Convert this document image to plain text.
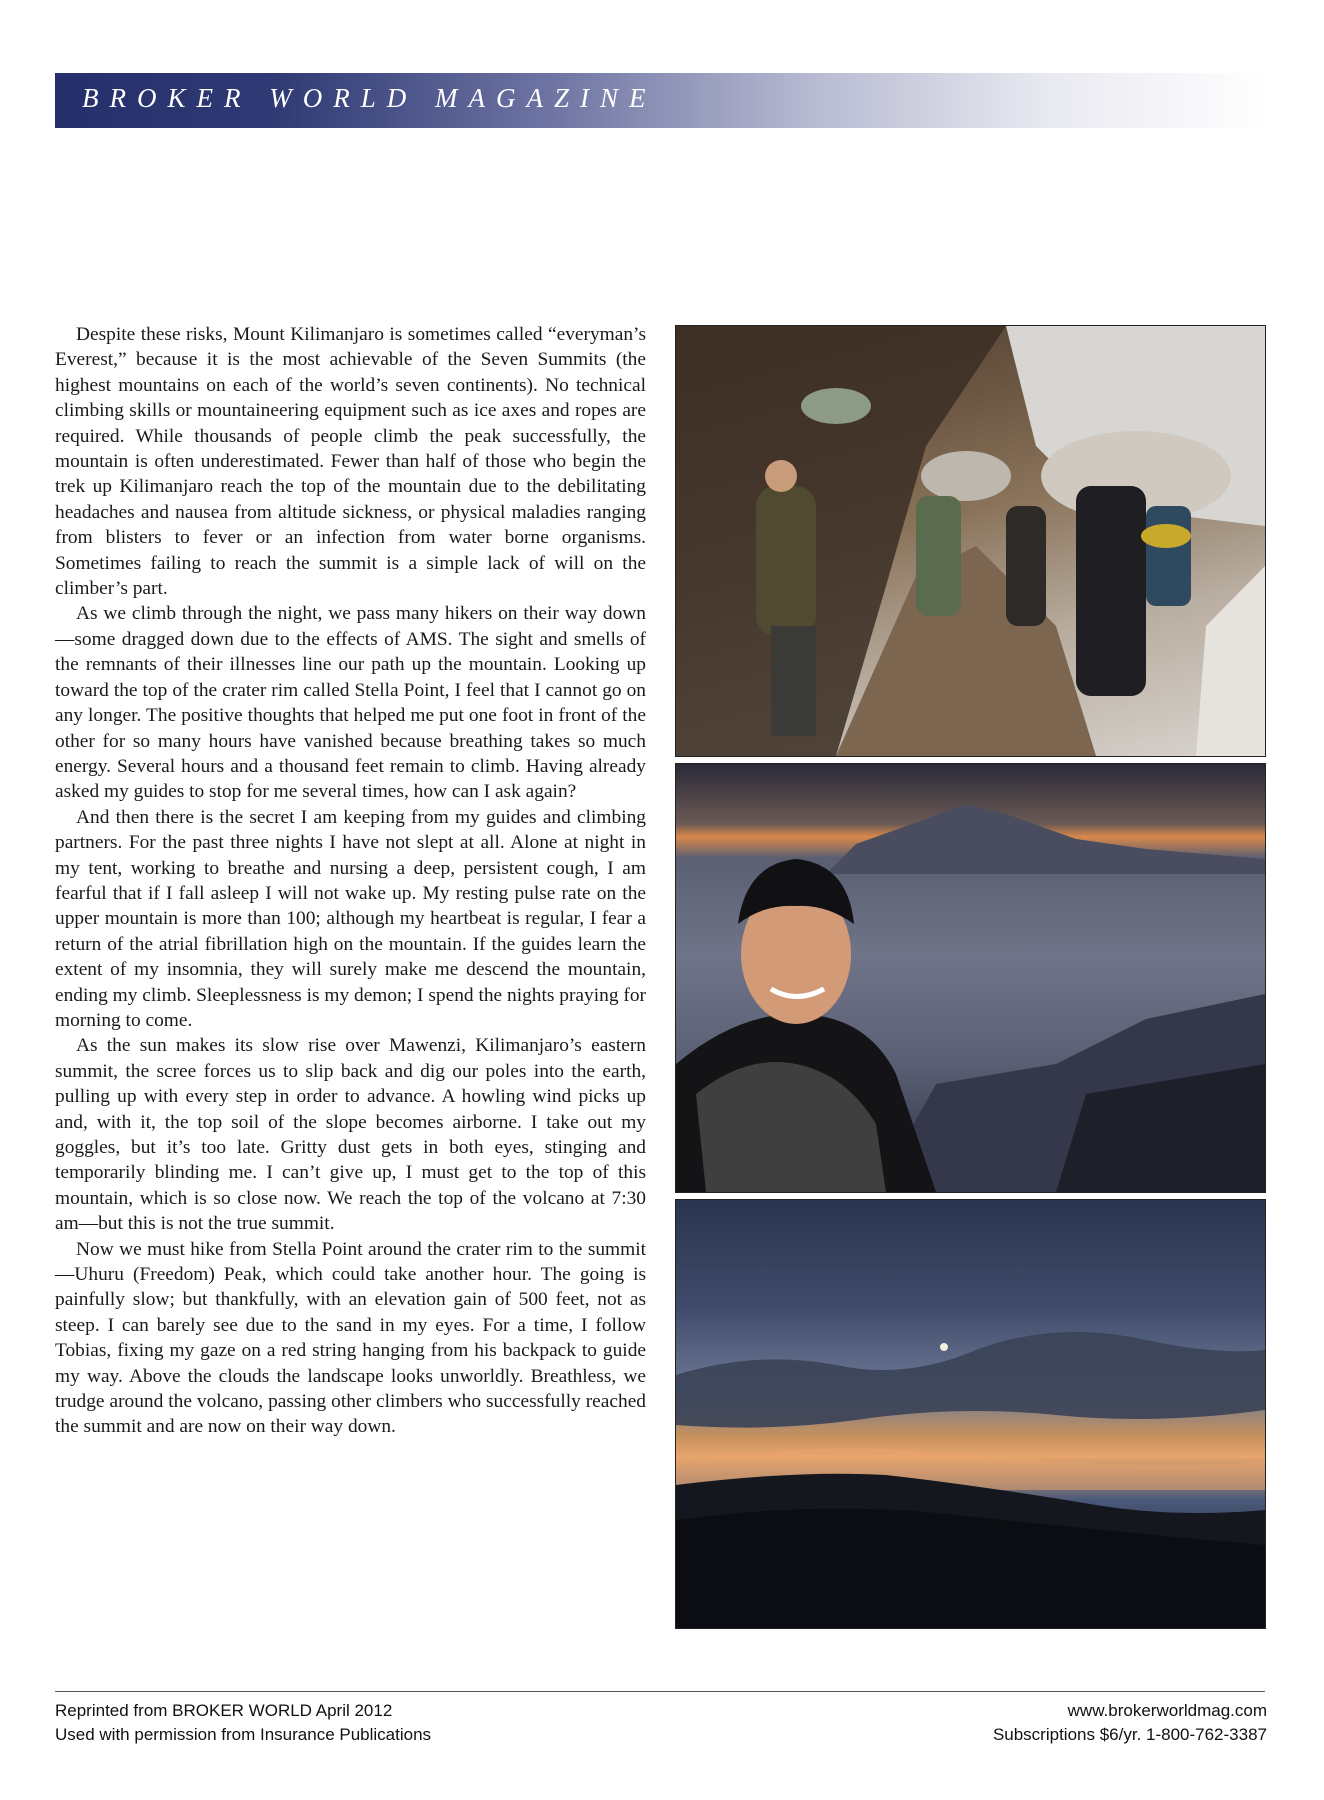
BROKER WORLD MAGAZINE

Despite these risks, Mount Kilimanjaro is sometimes called “everyman’s Everest,” because it is the most achievable of the Seven Summits (the highest mountains on each of the world’s seven continents). No technical climbing skills or mountaineering equipment such as ice axes and ropes are required. While thousands of people climb the peak successfully, the mountain is often underestimated. Fewer than half of those who begin the trek up Kilimanjaro reach the top of the mountain due to the debilitating headaches and nausea from altitude sickness, or physical maladies ranging from blisters to fever or an infection from water borne organisms. Sometimes failing to reach the summit is a simple lack of will on the climber’s part.

As we climb through the night, we pass many hikers on their way down—some dragged down due to the effects of AMS. The sight and smells of the remnants of their illnesses line our path up the mountain. Looking up toward the top of the crater rim called Stella Point, I feel that I cannot go on any longer. The positive thoughts that helped me put one foot in front of the other for so many hours have vanished because breathing takes so much energy. Several hours and a thousand feet remain to climb. Having already asked my guides to stop for me several times, how can I ask again?

And then there is the secret I am keeping from my guides and climbing partners. For the past three nights I have not slept at all. Alone at night in my tent, working to breathe and nursing a deep, persistent cough, I am fearful that if I fall asleep I will not wake up. My resting pulse rate on the upper mountain is more than 100; although my heartbeat is regular, I fear a return of the atrial fibrillation high on the mountain. If the guides learn the extent of my insomnia, they will surely make me descend the mountain, ending my climb. Sleeplessness is my demon; I spend the nights praying for morning to come.

As the sun makes its slow rise over Mawenzi, Kilimanjaro’s eastern summit, the scree forces us to slip back and dig our poles into the earth, pulling up with every step in order to advance. A howling wind picks up and, with it, the top soil of the slope becomes airborne. I take out my goggles, but it’s too late. Gritty dust gets in both eyes, stinging and temporarily blinding me. I can’t give up, I must get to the top of this mountain, which is so close now. We reach the top of the volcano at 7:30 am—but this is not the true summit.

Now we must hike from Stella Point around the crater rim to the summit—Uhuru (Freedom) Peak, which could take another hour. The going is painfully slow; but thankfully, with an elevation gain of 500 feet, not as steep. I can barely see due to the sand in my eyes. For a time, I follow Tobias, fixing my gaze on a red string hanging from his backpack to guide my way. Above the clouds the landscape looks unworldly. Breathless, we trudge around the volcano, passing other climbers who successfully reached the summit and are now on their way down.

Reprinted from BROKER WORLD April 2012
Used with permission from Insurance Publications
www.brokerworldmag.com
Subscriptions $6/yr. 1-800-762-3387
